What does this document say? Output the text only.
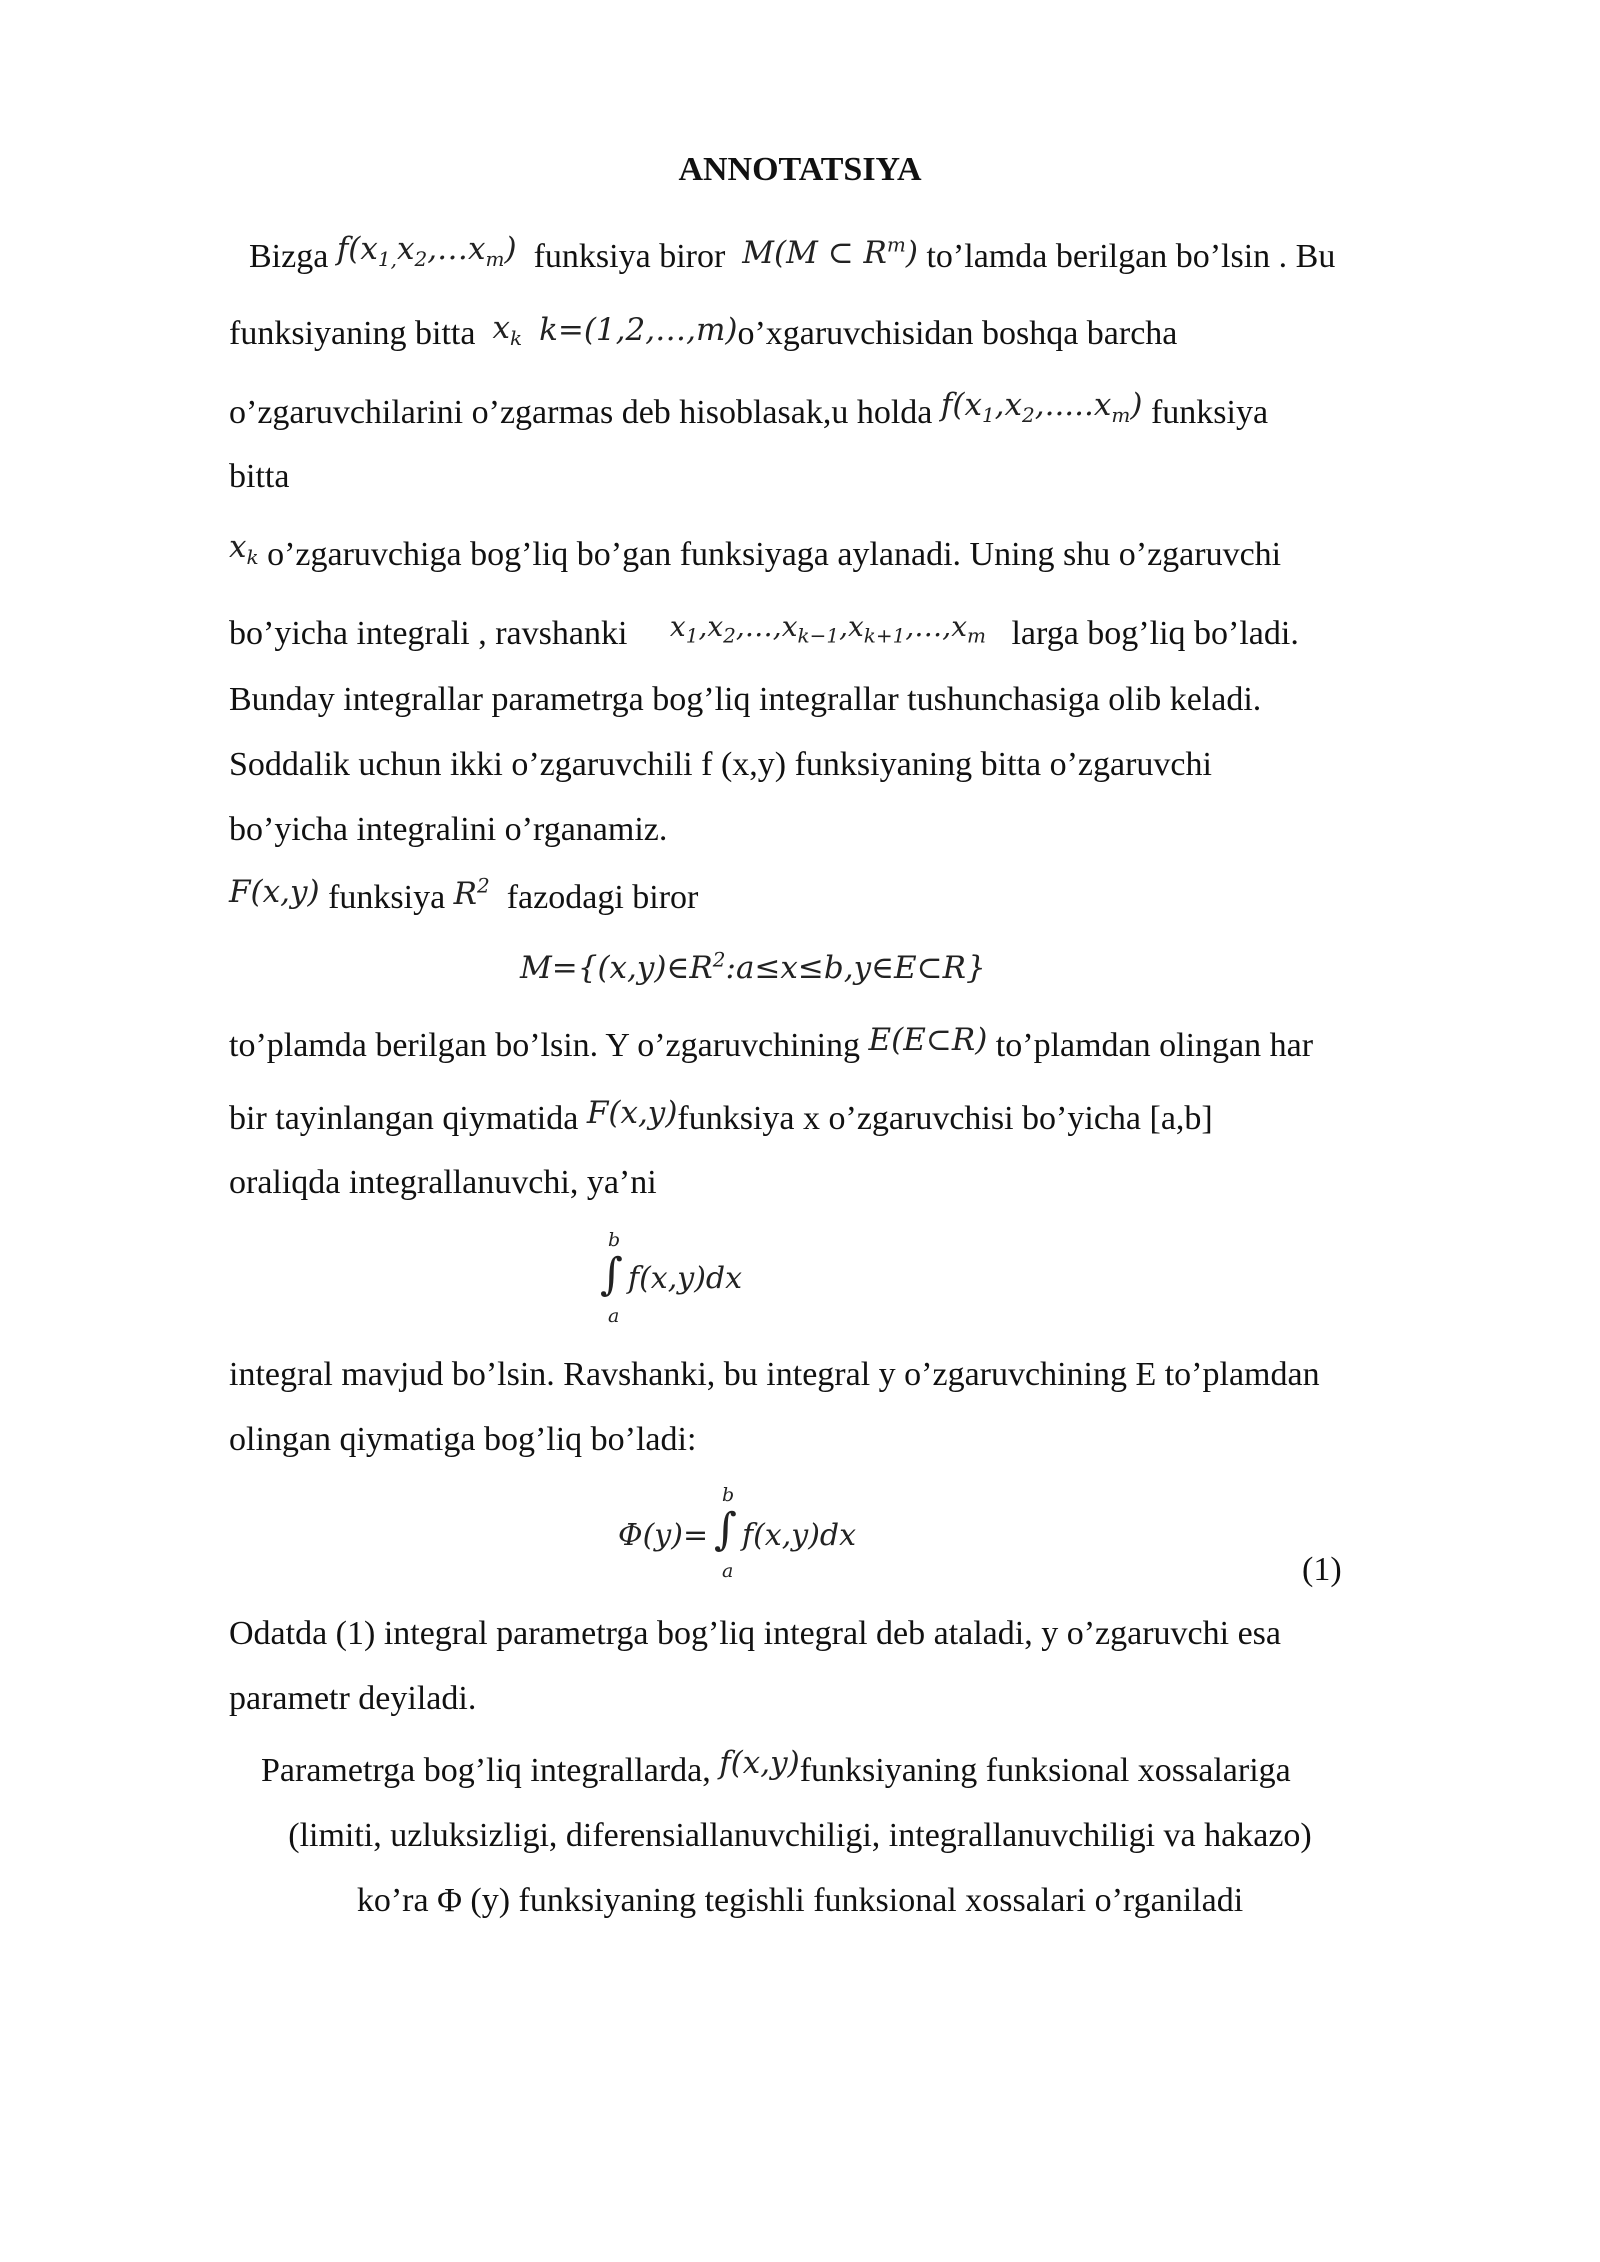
ANNOTATSIYA
Bizga $f(x_{1,}x_2,\dots x_m)$ funksiya biror M(M ⊂ $R^m$) to’lamda berilgan bo’lsin . Bu
funksiyaning bitta $x_k$ k=(1,2,…,m)o’xgaruvchisidan boshqa barcha
o’zgaruvchilarini o’zgarmas deb hisoblasak,u holda $f(x_1,x_2,.....x_m)$ funksiya
bitta
$x_k$ o’zgaruvchiga bog’liq bo’gan funksiyaga aylanadi. Uning shu o’zgaruvchi
bo’yicha integrali , ravshanki $^{x_1,x_2,\dots,x_{k-1},x_{k+1},\dots,x_m}$ larga bog’liq bo’ladi.
Bunday integrallar parametrga bog’liq integrallar tushunchasiga olib keladi.
Soddalik uchun ikki o’zgaruvchili f (x,y) funksiyaning bitta o’zgaruvchi
bo’yicha integralini o’rganamiz.
F(x,y) funksiya $R^2$ fazodagi biror
$M=\{(x,y)\in R^2:a\le x\le b,y\in E\subset R\}$
to’plamda berilgan bo’lsin. Y o’zgaruvchining E(E⊂R) to’plamdan olingan har
bir tayinlangan qiymatida F(x,y)funksiya x o’zgaruvchisi bo’yicha [a,b]
oraliqda integrallanuvchi, ya’ni
b
∫
a
f(x,y)dx
integral mavjud bo’lsin. Ravshanki, bu integral y o’zgaruvchining E to’plamdan
olingan qiymatiga bog’liq bo’ladi:
Φ(y)=
b
∫
a
f(x,y)dx
(1)
Odatda (1) integral parametrga bog’liq integral deb ataladi, y o’zgaruvchi esa
parametr deyiladi.
Parametrga bog’liq integrallarda, f(x,y)funksiyaning funksional xossalariga
(limiti, uzluksizligi, diferensiallanuvchiligi, integrallanuvchiligi va hakazo)
ko’ra Φ (y) funksiyaning tegishli funksional xossalari o’rganiladi
